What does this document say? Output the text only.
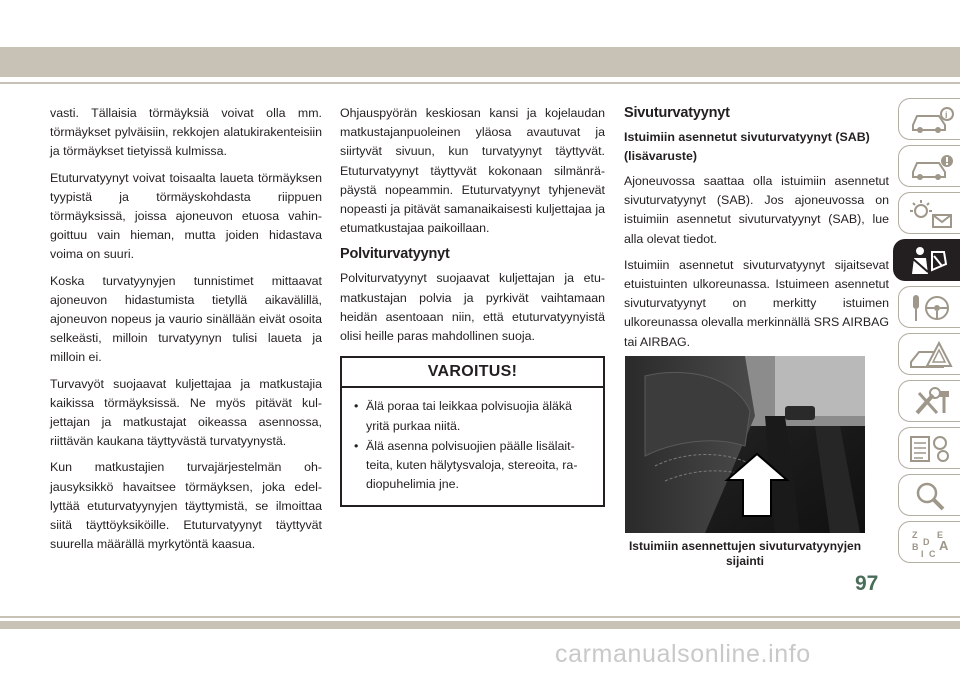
vasti. Tällaisia törmäyksiä voivat olla mm. törmäykset pylväisiin, rekkojen alatukirakenteisiin ja törmäykset tietyissä kulmissa.

Etuturvatyynyt voivat toisaalta laueta törmäyksen tyypistä ja törmäyskohdasta riippuen törmäyksissä, joissa ajoneuvon etuosa vahingoittuu vain hieman, mutta joiden hidastava voima on suuri.

Koska turvatyynyjen tunnistimet mittaavat ajoneuvon hidastumista tietyllä aikavälillä, ajoneuvon nopeus ja vaurio sinällään eivät osoita selkeästi, milloin turvatyynyn tulisi laueta ja milloin ei.

Turvavyöt suojaavat kuljettajaa ja matkustajia kaikissa törmäyksissä. Ne myös pitävät kuljettajan ja matkustajat oikeassa asennossa, riittävän kaukana täyttyvästä turvatyynystä.

Kun matkustajien turvajärjestelmän ohjausyksikkö havaitsee törmäyksen, joka edellyttää etuturvatyynyjen täyttymistä, se ilmoittaa siitä täyttöyksiköille. Etuturvatyynyt täyttyvät suurella määrällä myrkytöntä kaasua.

Ohjauspyörän keskiosan kansi ja kojelaudan matkustajanpuoleinen yläosa avautuvat ja siirtyvät sivuun, kun turvatyynyt täyttyvät. Etuturvatyynyt täyttyvät kokonaan silmänräpäystä nopeammin. Etuturvatyynyt tyhjenevät nopeasti ja pitävät samanaikaisesti kuljettajaa ja etumatkustajaa paikoillaan.

Polviturvatyynyt

Polviturvatyynyt suojaavat kuljettajan ja etumatkustajan polvia ja pyrkivät vaihtamaan heidän asentoaan niin, että etuturvatyynyistä olisi heille paras mahdollinen suoja.

VAROITUS!
• Älä poraa tai leikkaa polvisuojia äläkä yritä purkaa niitä.
• Älä asenna polvisuojien päälle lisälaitteita, kuten hälytysvaloja, stereoita, radiopuhelimia jne.
Sivuturvatyynyt
Istuimiin asennetut sivuturvatyynyt (SAB) (lisävaruste)

Ajoneuvossa saattaa olla istuimiin asennetut sivuturvatyynyt (SAB). Jos ajoneuvossa on istuimiin asennetut sivuturvatyynyt (SAB), lue alla olevat tiedot.

Istuimiin asennetut sivuturvatyynyt sijaitsevat etuistuinten ulkoreunassa. Istuimeen asennetut sivuturvatyynyt on merkitty istuimen ulkoreunassa olevalla merkinnällä SRS AIRBAG tai AIRBAG.

Istuimiin asennettujen sivuturvatyynyjen sijainti
i
Z E
D
B A
I C
97
carmanualsonline.info
